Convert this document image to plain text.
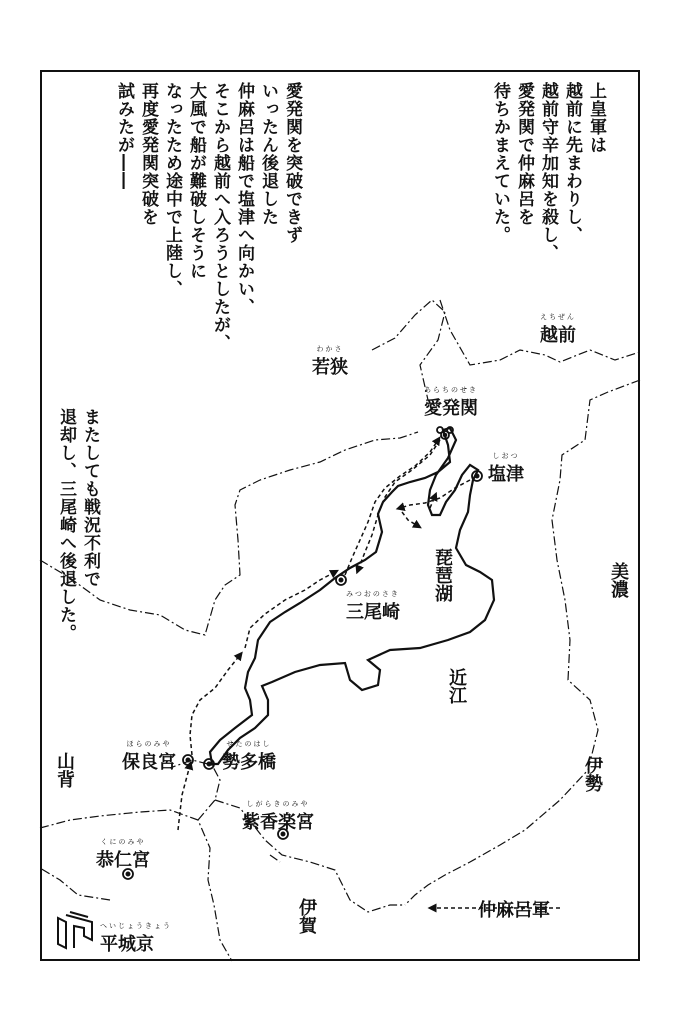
上皇軍は
越前に先まわりし、
越前守辛加知を殺し、
愛発関で仲麻呂を
待ちかまえていた。
愛発関を突破できず
いったん後退した
仲麻呂は船で塩津へ向かい、
そこから越前へ入ろうとしたが、
大風で船が難破しそうに
なったため途中で上陸し、
再度愛発関突破を
試みたが――
またしても戦況不利で
退却し、三尾崎へ後退した。
えちぜん
越前
わかさ
若狭
あらちのせき
愛発関
しおつ
塩津
みつおのさき
三尾崎
ほらのみや
保良宮
せたのはし
勢多橋
しがらきのみや
紫香楽宮
くにのみや
恭仁宮
へいじょうきょう
平城京
琵琶湖
近江
美濃
山背	伊勢
伊賀	仲麻呂軍
